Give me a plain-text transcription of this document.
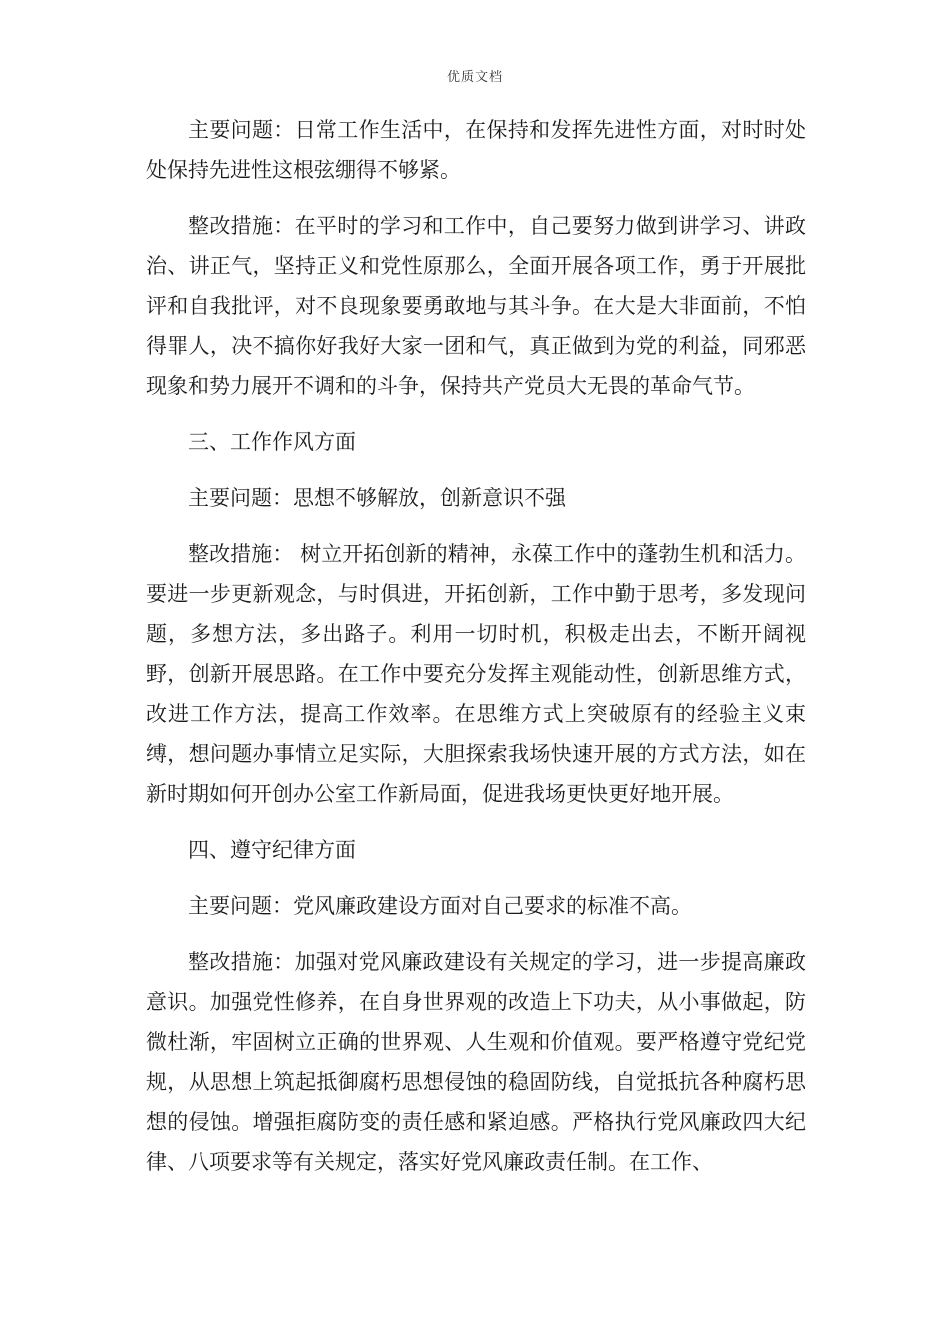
优质文档

主要问题：日常工作生活中，在保持和发挥先进性方面，对时时处处保持先进性这根弦绷得不够紧。

整改措施：在平时的学习和工作中，自己要努力做到讲学习、讲政治、讲正气，坚持正义和党性原那么，全面开展各项工作，勇于开展批评和自我批评，对不良现象要勇敢地与其斗争。在大是大非面前，不怕得罪人，决不搞你好我好大家一团和气，真正做到为党的利益，同邪恶现象和势力展开不调和的斗争，保持共产党员大无畏的革命气节。

三、工作作风方面

主要问题：思想不够解放，创新意识不强

整改措施： 树立开拓创新的精神，永葆工作中的蓬勃生机和活力。要进一步更新观念，与时俱进，开拓创新，工作中勤于思考，多发现问题，多想方法，多出路子。利用一切时机，积极走出去，不断开阔视野，创新开展思路。在工作中要充分发挥主观能动性，创新思维方式，改进工作方法，提高工作效率。在思维方式上突破原有的经验主义束缚，想问题办事情立足实际，大胆探索我场快速开展的方式方法，如在新时期如何开创办公室工作新局面，促进我场更快更好地开展。

四、遵守纪律方面

主要问题：党风廉政建设方面对自己要求的标准不高。

整改措施：加强对党风廉政建设有关规定的学习，进一步提高廉政意识。加强党性修养，在自身世界观的改造上下功夫，从小事做起，防微杜渐，牢固树立正确的世界观、人生观和价值观。要严格遵守党纪党规，从思想上筑起抵御腐朽思想侵蚀的稳固防线，自觉抵抗各种腐朽思想的侵蚀。增强拒腐防变的责任感和紧迫感。严格执行党风廉政四大纪律、八项要求等有关规定，落实好党风廉政责任制。在工作、
